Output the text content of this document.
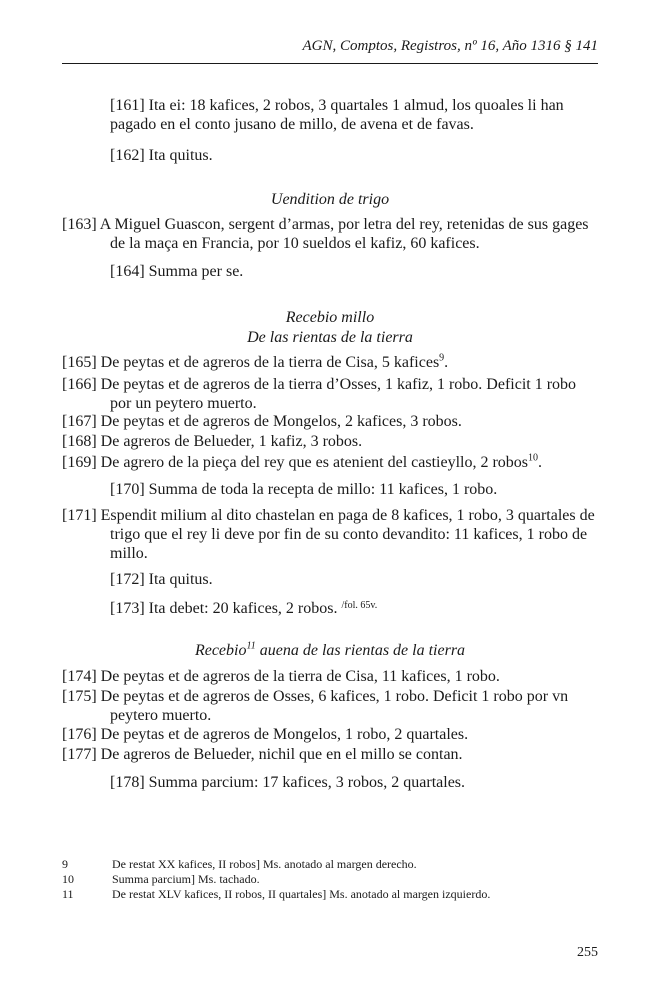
AGN, Comptos, Registros, nº 16, Año 1316 § 141
[161] Ita ei: 18 kafices, 2 robos, 3 quartales 1 almud, los quoales li han pagado en el conto jusano de millo, de avena et de favas.
[162] Ita quitus.
Uendition de trigo
[163] A Miguel Guascon, sergent d’armas, por letra del rey, retenidas de sus gages de la maça en Francia, por 10 sueldos el kafiz, 60 kafices.
[164] Summa per se.
Recebio millo
De las rientas de la tierra
[165] De peytas et de agreros de la tierra de Cisa, 5 kafices$^9$.
[166] De peytas et de agreros de la tierra d’Osses, 1 kafiz, 1 robo. Deficit 1 robo por un peytero muerto.
[167] De peytas et de agreros de Mongelos, 2 kafices, 3 robos.
[168] De agreros de Belueder, 1 kafiz, 3 robos.
[169] De agrero de la pieça del rey que es atenient del castieyllo, 2 robos$^{10}$.
[170] Summa de toda la recepta de millo: 11 kafices, 1 robo.
[171] Espendit milium al dito chastelan en paga de 8 kafices, 1 robo, 3 quartales de trigo que el rey li deve por fin de su conto devandito: 11 kafices, 1 robo de millo.
[172] Ita quitus.
[173] Ita debet: 20 kafices, 2 robos. $^{/fol. 65v.}$
Recebio$^{11}$ auena de las rientas de la tierra
[174] De peytas et de agreros de la tierra de Cisa, 11 kafices, 1 robo.
[175] De peytas et de agreros de Osses, 6 kafices, 1 robo. Deficit 1 robo por vn peytero muerto.
[176] De peytas et de agreros de Mongelos, 1 robo, 2 quartales.
[177] De agreros de Belueder, nichil que en el millo se contan.
[178] Summa parcium: 17 kafices, 3 robos, 2 quartales.
9	De restat XX kafices, II robos] Ms. anotado al margen derecho.
10	Summa parcium] Ms. tachado.
11	De restat XLV kafices, II robos, II quartales] Ms. anotado al margen izquierdo.
255
